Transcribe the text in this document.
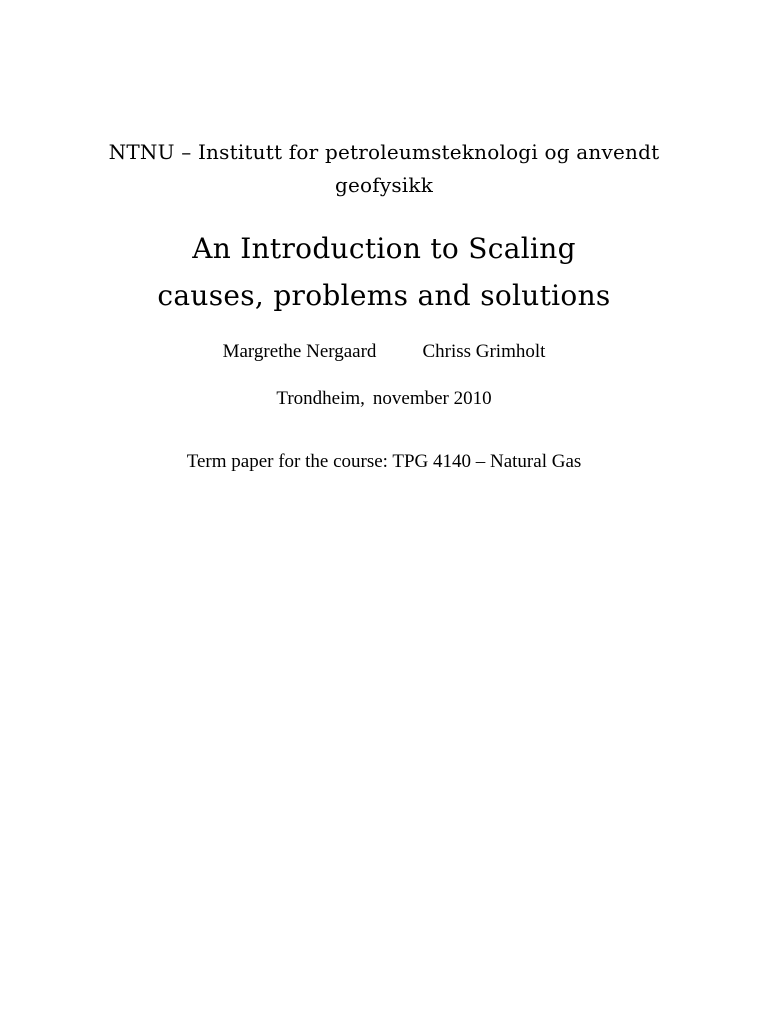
NTNU – Institutt for petroleumsteknologi og anvendt
geofysikk
An Introduction to Scaling
causes, problems and solutions
Margrethe Nergaard Chriss Grimholt
Trondheim, november 2010
Term paper for the course: TPG 4140 – Natural Gas
